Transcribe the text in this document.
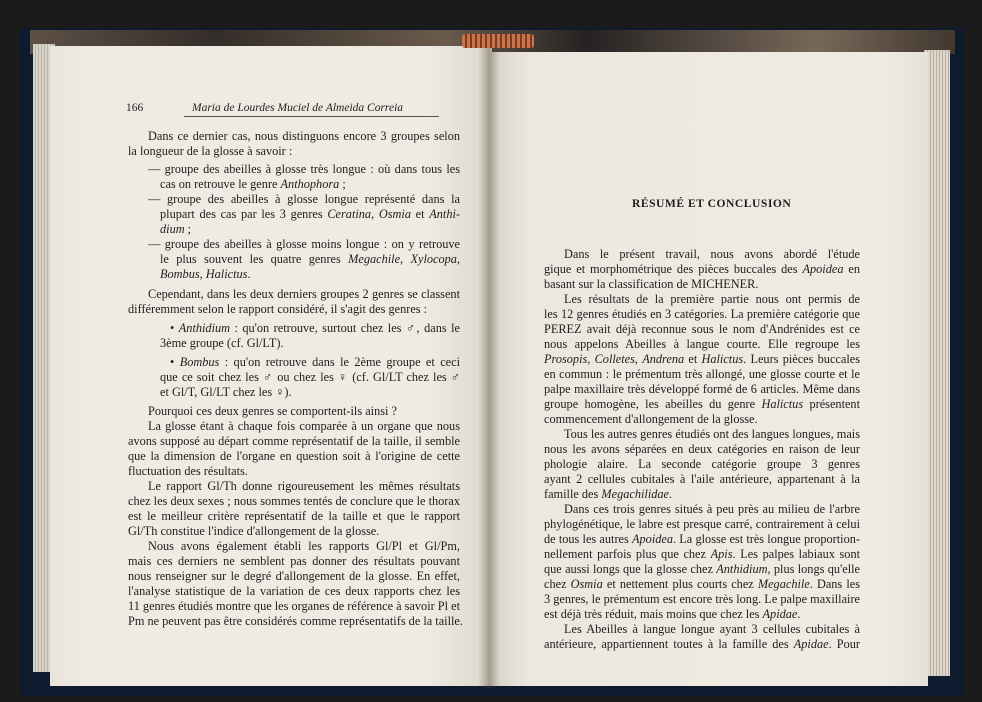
166	Maria de Lourdes Muciel de Almeida Correia
Dans ce dernier cas, nous distinguons encore 3 groupes selon
la longueur de la glosse à savoir :
— groupe des abeilles à glosse très longue : où dans tous les
cas on retrouve le genre Anthophora ;
— groupe des abeilles à glosse longue représenté dans la
plupart des cas par les 3 genres Ceratina, Osmia et Anthi-
dium ;
— groupe des abeilles à glosse moins longue : on y retrouve
le plus souvent les quatre genres Megachile, Xylocopa,
Bombus, Halictus.
Cependant, dans les deux derniers groupes 2 genres se classent
différemment selon le rapport considéré, il s'agit des genres :
• Anthidium : qu'on retrouve, surtout chez les ♂, dans le
3ème groupe (cf. Gl/LT).
• Bombus : qu'on retrouve dans le 2ème groupe et ceci
que ce soit chez les ♂ ou chez les ♀ (cf. Gl/LT chez les ♂
et Gl/T, Gl/LT chez les ♀).
Pourquoi ces deux genres se comportent-ils ainsi ?
La glosse étant à chaque fois comparée à un organe que nous
avons supposé au départ comme représentatif de la taille, il semble
que la dimension de l'organe en question soit à l'origine de cette
fluctuation des résultats.
Le rapport Gl/Th donne rigoureusement les mêmes résultats
chez les deux sexes ; nous sommes tentés de conclure que le thorax
est le meilleur critère représentatif de la taille et que le rapport
Gl/Th constitue l'indice d'allongement de la glosse.
Nous avons également établi les rapports Gl/Pl et Gl/Pm,
mais ces derniers ne semblent pas donner des résultats pouvant
nous renseigner sur le degré d'allongement de la glosse. En effet,
l'analyse statistique de la variation de ces deux rapports chez les
11 genres étudiés montre que les organes de référence à savoir Pl et
Pm ne peuvent pas être considérés comme représentatifs de la taille.
RÉSUMÉ ET CONCLUSION
Dans le présent travail, nous avons abordé l'étude
gique et morphométrique des pièces buccales des Apoidea en
basant sur la classification de MICHENER.
Les résultats de la première partie nous ont permis de
les 12 genres étudiés en 3 catégories. La première catégorie que
PEREZ avait déjà reconnue sous le nom d'Andrénides est ce
nous appelons Abeilles à langue courte. Elle regroupe les
Prosopis, Colletes, Andrena et Halictus. Leurs pièces buccales
en commun : le prémentum très allongé, une glosse courte et le
palpe maxillaire très développé formé de 6 articles. Même dans
groupe homogène, les abeilles du genre Halictus présentent
commencement d'allongement de la glosse.
Tous les autres genres étudiés ont des langues longues, mais
nous les avons séparées en deux catégories en raison de leur
phologie alaire. La seconde catégorie groupe 3 genres
ayant 2 cellules cubitales à l'aile antérieure, appartenant à la
famille des Megachilidae.
Dans ces trois genres situés à peu près au milieu de l'arbre
phylogénétique, le labre est presque carré, contrairement à celui
de tous les autres Apoidea. La glosse est très longue proportion-
nellement parfois plus que chez Apis. Les palpes labiaux sont
que aussi longs que la glosse chez Anthidium, plus longs qu'elle
chez Osmia et nettement plus courts chez Megachile. Dans les
3 genres, le prémentum est encore très long. Le palpe maxillaire
est déjà très réduit, mais moins que chez les Apidae.
Les Abeilles à langue longue ayant 3 cellules cubitales à
antérieure, appartiennent toutes à la famille des Apidae. Pour
